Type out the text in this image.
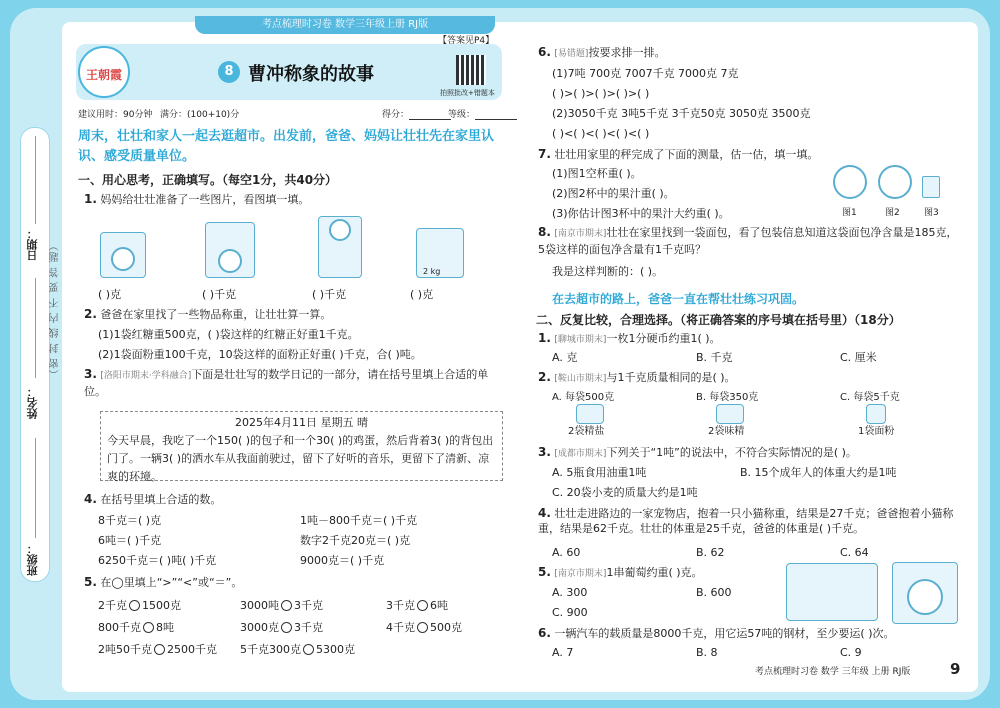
考点梳理时习卷 数学三年级上册 RJ版
日期：
姓名：
班级：
（密 封 线 内 不 要 答 题）
王朝霞	8 曹冲称象的故事
【答案见P4】
拍照批改+错题本
建议用时：90分钟 满分：(100+10)分	得分：	等级：
周末，壮壮和家人一起去逛超市。出发前，爸爸、妈妈让壮壮先在家里认识、感受质量单位。
一、用心思考，正确填写。（每空1分，共40分）
1. 妈妈给壮壮准备了一些图片，看图填一填。
2 kg
( )克	( )千克	( )千克	( )克
2. 爸爸在家里找了一些物品称重，让壮壮算一算。
(1)1袋红糖重500克，( )袋这样的红糖正好重1千克。
(2)1袋面粉重100千克，10袋这样的面粉正好重( )千克，合( )吨。
3. [洛阳市期末·学科融合]下面是壮壮写的数学日记的一部分，请在括号里填上合适的单位。
2025年4月11日 星期五 晴
今天早晨，我吃了一个150( )的包子和一个30( )的鸡蛋，然后背着3( )的背包出门了。一辆3( )的洒水车从我面前驶过，留下了好听的音乐，更留下了清新、凉爽的环境。
4. 在括号里填上合适的数。
8千克＝( )克	1吨－800千克＝( )千克
6吨＝( )千克	数字2千克20克＝( )克
6250千克＝( )吨( )千克	9000克＝( )千克
5. 在◯里填上“>”“<”或“＝”。
2千克 1500克	3000吨 3千克	3千克 6吨
800千克 8吨	3000克 3千克	4千克 500克
2吨50千克 2500千克 5千克300克 5300克
6. [易错题]按要求排一排。
(1)7吨 700克 7007千克 7000克 7克
( )>( )>( )>( )>( )
(2)3050千克 3吨5千克 3千克50克 3050克 3500克
( )<( )<( )<( )<( )
7. 壮壮用家里的秤完成了下面的测量，估一估，填一填。
(1)图1空杯重( )。
(2)图2杯中的果汁重( )。
(3)你估计图3杯中的果汁大约重( )。	图1	图2	图3
8. [南京市期末]壮壮在家里找到一袋面包，看了包装信息知道这袋面包净含量是185克，5袋这样的面包净含量有1千克吗？
我是这样判断的：( )。
在去超市的路上，爸爸一直在帮壮壮练习巩固。
二、反复比较，合理选择。（将正确答案的序号填在括号里）（18分）
1. [聊城市期末]一枚1分硬币约重1( )。
A. 克	B. 千克	C. 厘米
2. [鞍山市期末]与1千克质量相同的是( )。
A. 每袋500克	B. 每袋350克	C. 每袋5千克
2袋精盐	2袋味精	1袋面粉
3. [成都市期末]下列关于“1吨”的说法中，不符合实际情况的是( )。
A. 5瓶食用油重1吨	B. 15个成年人的体重大约是1吨
C. 20袋小麦的质量大约是1吨
4. 壮壮走进路边的一家宠物店，抱着一只小猫称重，结果是27千克；爸爸抱着小猫称重，结果是62千克。壮壮的体重是25千克，爸爸的体重是( )千克。
A. 60	B. 62	C. 64
5. [南京市期末]1串葡萄约重( )克。
A. 300	B. 600
C. 900
6. 一辆汽车的载质量是8000千克，用它运57吨的钢材，至少要运( )次。
A. 7	B. 8	C. 9
考点梳理时习卷 数学 三年级 上册 RJ版	9
